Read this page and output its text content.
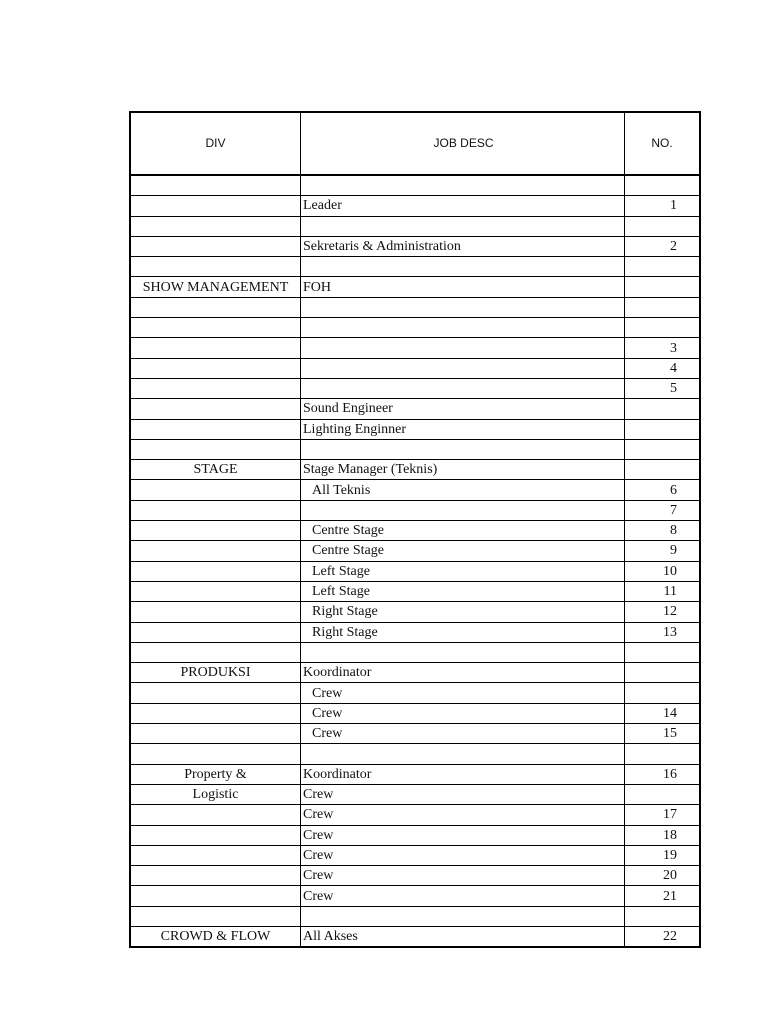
DIV	JOB DESC	NO.

	Leader	1

	Sekretaris & Administration	2

SHOW MANAGEMENT	FOH	

		3
		4
		5
	Sound Engineer	
	Lighting Enginner	

STAGE	Stage Manager (Teknis)	
	All Teknis	6
		7
	Centre Stage	8
	Centre Stage	9
	Left Stage	10
	Left Stage	11
	Right Stage	12
	Right Stage	13

PRODUKSI	Koordinator	
	Crew	
	Crew	14
	Crew	15

Property &	Koordinator	16
Logistic	Crew	
	Crew	17
	Crew	18
	Crew	19
	Crew	20
	Crew	21

CROWD & FLOW	All Akses	22
